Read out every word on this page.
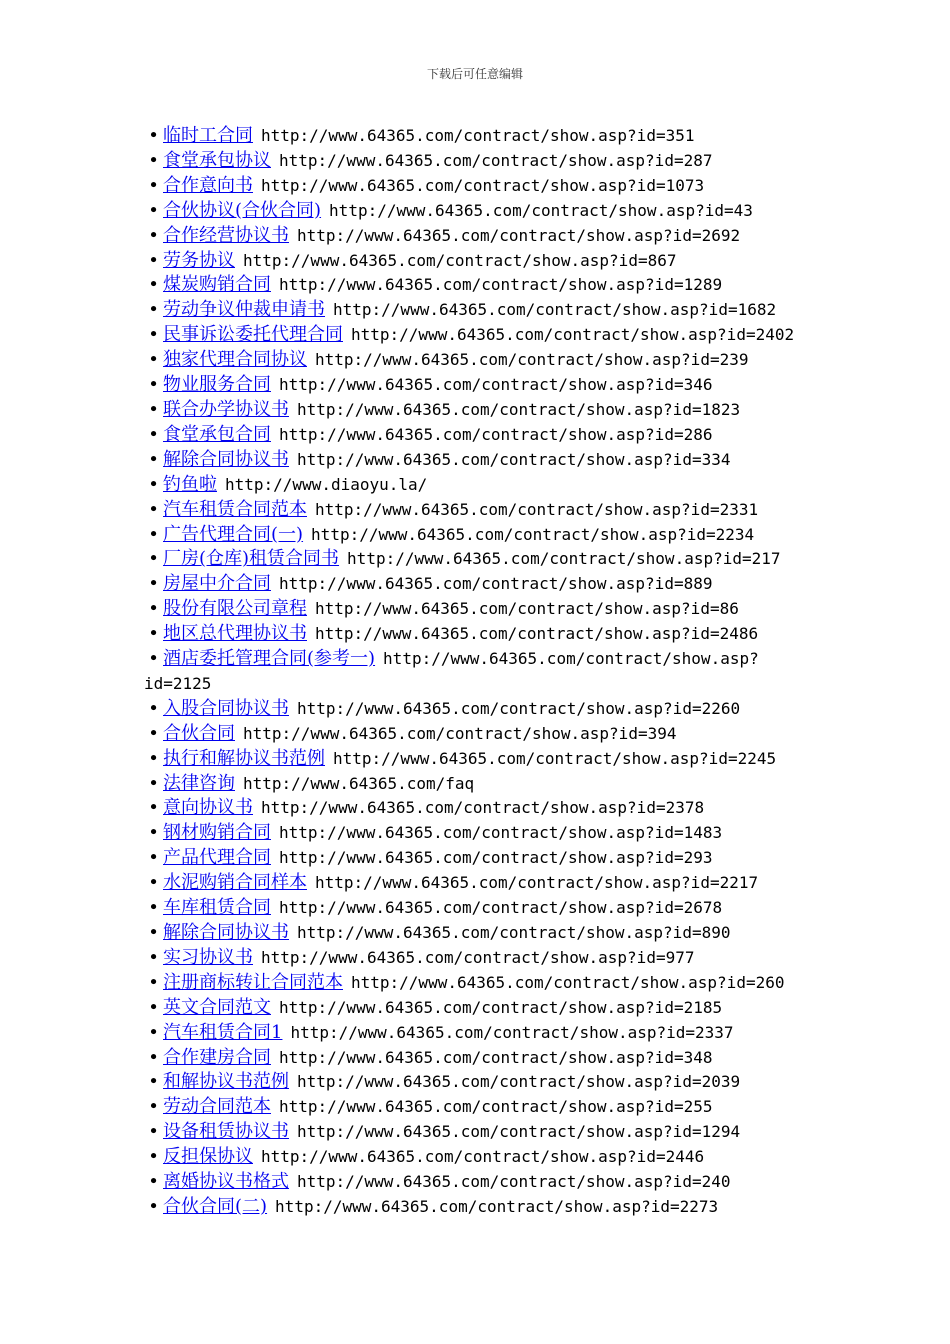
下载后可任意编辑
• 临时工合同 http://www.64365.com/contract/show.asp?id=351
• 食堂承包协议 http://www.64365.com/contract/show.asp?id=287
• 合作意向书 http://www.64365.com/contract/show.asp?id=1073
• 合伙协议(合伙合同) http://www.64365.com/contract/show.asp?id=43
• 合作经营协议书 http://www.64365.com/contract/show.asp?id=2692
• 劳务协议 http://www.64365.com/contract/show.asp?id=867
• 煤炭购销合同 http://www.64365.com/contract/show.asp?id=1289
• 劳动争议仲裁申请书 http://www.64365.com/contract/show.asp?id=1682
• 民事诉讼委托代理合同 http://www.64365.com/contract/show.asp?id=2402
• 独家代理合同协议 http://www.64365.com/contract/show.asp?id=239
• 物业服务合同 http://www.64365.com/contract/show.asp?id=346
• 联合办学协议书 http://www.64365.com/contract/show.asp?id=1823
• 食堂承包合同 http://www.64365.com/contract/show.asp?id=286
• 解除合同协议书 http://www.64365.com/contract/show.asp?id=334
• 钓鱼啦 http://www.diaoyu.la/
• 汽车租赁合同范本 http://www.64365.com/contract/show.asp?id=2331
• 广告代理合同(一) http://www.64365.com/contract/show.asp?id=2234
• 厂房(仓库)租赁合同书 http://www.64365.com/contract/show.asp?id=217
• 房屋中介合同 http://www.64365.com/contract/show.asp?id=889
• 股份有限公司章程 http://www.64365.com/contract/show.asp?id=86
• 地区总代理协议书 http://www.64365.com/contract/show.asp?id=2486
• 酒店委托管理合同(参考一) http://www.64365.com/contract/show.asp?id=2125
• 入股合同协议书 http://www.64365.com/contract/show.asp?id=2260
• 合伙合同 http://www.64365.com/contract/show.asp?id=394
• 执行和解协议书范例 http://www.64365.com/contract/show.asp?id=2245
• 法律咨询 http://www.64365.com/faq
• 意向协议书 http://www.64365.com/contract/show.asp?id=2378
• 钢材购销合同 http://www.64365.com/contract/show.asp?id=1483
• 产品代理合同 http://www.64365.com/contract/show.asp?id=293
• 水泥购销合同样本 http://www.64365.com/contract/show.asp?id=2217
• 车库租赁合同 http://www.64365.com/contract/show.asp?id=2678
• 解除合同协议书 http://www.64365.com/contract/show.asp?id=890
• 实习协议书 http://www.64365.com/contract/show.asp?id=977
• 注册商标转让合同范本 http://www.64365.com/contract/show.asp?id=260
• 英文合同范文 http://www.64365.com/contract/show.asp?id=2185
• 汽车租赁合同1 http://www.64365.com/contract/show.asp?id=2337
• 合作建房合同 http://www.64365.com/contract/show.asp?id=348
• 和解协议书范例 http://www.64365.com/contract/show.asp?id=2039
• 劳动合同范本 http://www.64365.com/contract/show.asp?id=255
• 设备租赁协议书 http://www.64365.com/contract/show.asp?id=1294
• 反担保协议 http://www.64365.com/contract/show.asp?id=2446
• 离婚协议书格式 http://www.64365.com/contract/show.asp?id=240
• 合伙合同(二) http://www.64365.com/contract/show.asp?id=2273
